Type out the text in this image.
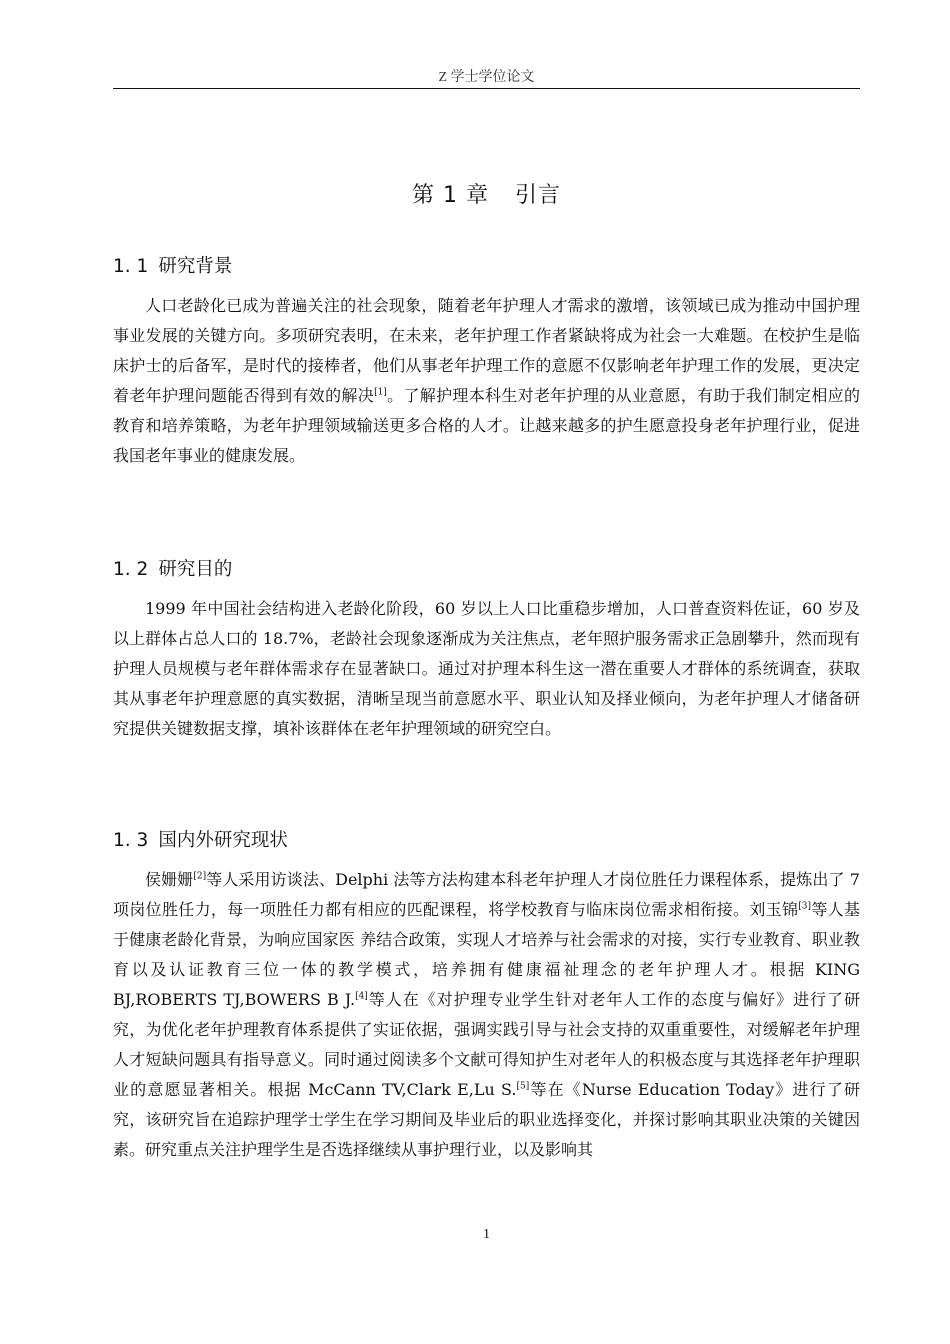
Z 学士学位论文
第 1 章 引言
1. 1 研究背景
人口老龄化已成为普遍关注的社会现象，随着老年护理人才需求的激增，该领域已成为推动中国护理事业发展的关键方向。多项研究表明，在未来，老年护理工作者紧缺将成为社会一大难题。在校护生是临床护士的后备军，是时代的接棒者，他们从事老年护理工作的意愿不仅影响老年护理工作的发展，更决定着老年护理问题能否得到有效的解决[1]。了解护理本科生对老年护理的从业意愿，有助于我们制定相应的教育和培养策略，为老年护理领域输送更多合格的人才。让越来越多的护生愿意投身老年护理行业，促进我国老年事业的健康发展。
1. 2 研究目的
1999 年中国社会结构进入老龄化阶段，60 岁以上人口比重稳步增加，人口普查资料佐证，60 岁及以上群体占总人口的 18.7%，老龄社会现象逐渐成为关注焦点，老年照护服务需求正急剧攀升，然而现有护理人员规模与老年群体需求存在显著缺口。通过对护理本科生这一潜在重要人才群体的系统调查，获取其从事老年护理意愿的真实数据，清晰呈现当前意愿水平、职业认知及择业倾向，为老年护理人才储备研究提供关键数据支撑，填补该群体在老年护理领域的研究空白。
1. 3 国内外研究现状
侯姗姗[2]等人采用访谈法、Delphi 法等方法构建本科老年护理人才岗位胜任力课程体系，提炼出了 7 项岗位胜任力，每一项胜任力都有相应的匹配课程，将学校教育与临床岗位需求相衔接。刘玉锦[3]等人基于健康老龄化背景，为响应国家医 养结合政策，实现人才培养与社会需求的对接，实行专业教育、职业教育以及认证教育三位一体的教学模式，培养拥有健康福祉理念的老年护理人才。根据 KING BJ,ROBERTS TJ,BOWERS B J.[4]等人在《对护理专业学生针对老年人工作的态度与偏好》进行了研究，为优化老年护理教育体系提供了实证依据，强调实践引导与社会支持的双重重要性，对缓解老年护理人才短缺问题具有指导意义。同时通过阅读多个文献可得知护生对老年人的积极态度与其选择老年护理职业的意愿显著相关。根据 McCann TV,Clark E,Lu S.[5]等在《Nurse Education Today》进行了研究，该研究旨在追踪护理学士学生在学习期间及毕业后的职业选择变化，并探讨影响其职业决策的关键因素。研究重点关注护理学生是否选择继续从事护理行业，以及影响其
1
